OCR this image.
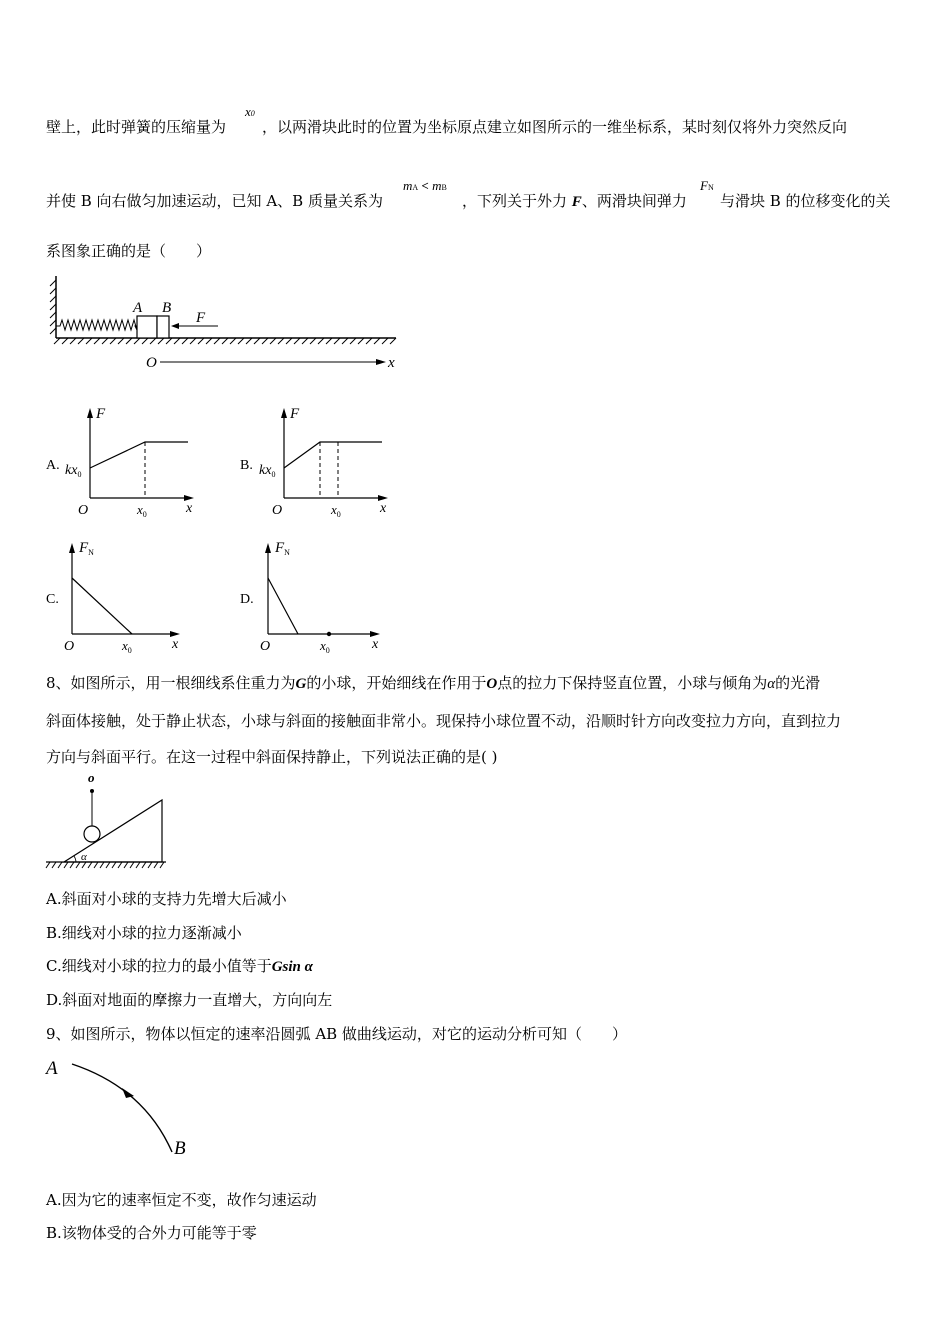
壁上，此时弹簧的压缩量为
x0
，以两滑块此时的位置为坐标原点建立如图所示的一维坐标系，某时刻仅将外力突然反向
并使 B 向右做匀加速运动，已知 A、B 质量关系为
mA < mB
，下列关于外力 F、两滑块间弹力
FN
与滑块 B 的位移变化的关
系图象正确的是（　　）
A B
F
O	x
A.
F
O	x
$kx_0$
$x_0$
B.
F
O	x
$kx_0$
$x_0$
C.
$F_N$
O	x
$x_0$
D.
$F_N$
O	x
$x_0$
8、如图所示，用一根细线系住重力为G的小球，开始细线在作用于O点的拉力下保持竖直位置，小球与倾角为α的光滑
斜面体接触，处于静止状态，小球与斜面的接触面非常小。现保持小球位置不动，沿顺时针方向改变拉力方向，直到拉力
方向与斜面平行。在这一过程中斜面保持静止，下列说法正确的是( )
o
α
A.斜面对小球的支持力先增大后减小
B.细线对小球的拉力逐渐减小
C.细线对小球的拉力的最小值等于Gsin α
D.斜面对地面的摩擦力一直增大，方向向左
9、如图所示，物体以恒定的速率沿圆弧 AB 做曲线运动，对它的运动分析可知（　　）
A
B
A.因为它的速率恒定不变，故作匀速运动
B.该物体受的合外力可能等于零
